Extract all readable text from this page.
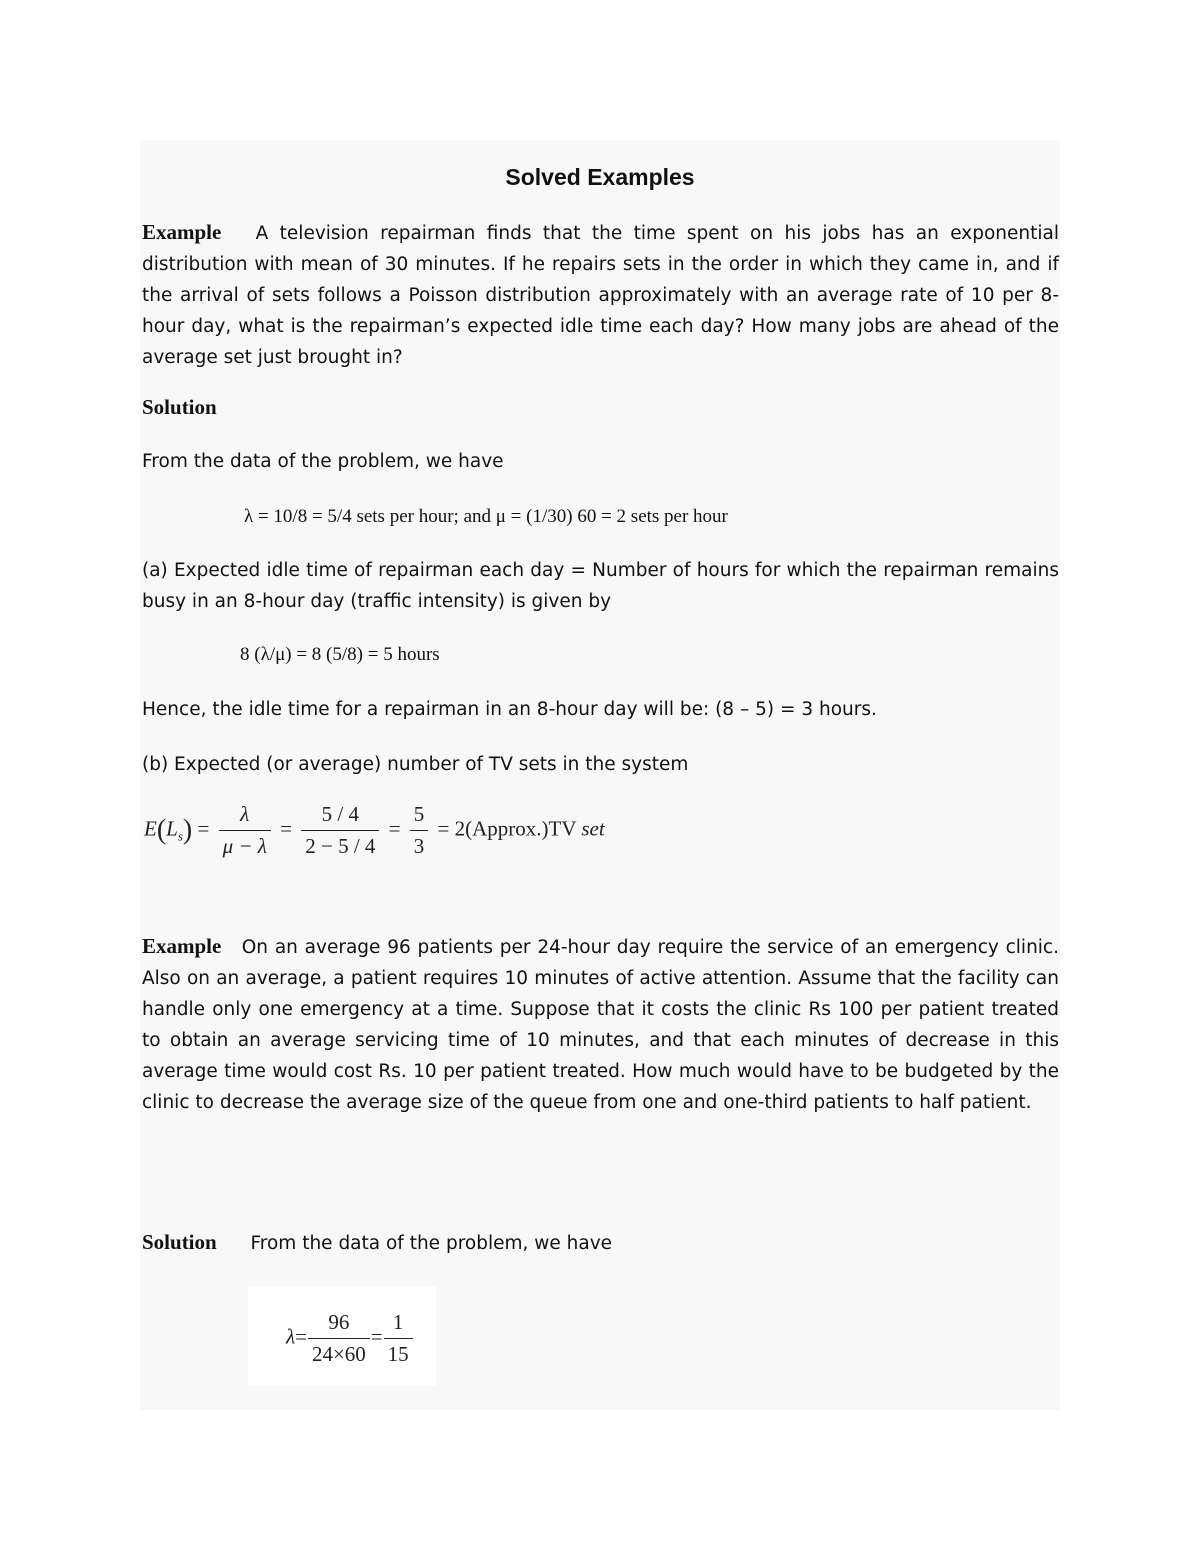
Solved Examples
Example A television repairman finds that the time spent on his jobs has an exponential distribution with mean of 30 minutes. If he repairs sets in the order in which they came in, and if the arrival of sets follows a Poisson distribution approximately with an average rate of 10 per 8-hour day, what is the repairman’s expected idle time each day? How many jobs are ahead of the average set just brought in?
Solution
From the data of the problem, we have
λ = 10/8 = 5/4 sets per hour; and μ = (1/30) 60 = 2 sets per hour
(a) Expected idle time of repairman each day = Number of hours for which the repairman remains busy in an 8-hour day (traffic intensity) is given by
8 (λ/μ) = 8 (5/8) = 5 hours
Hence, the idle time for a repairman in an 8-hour day will be: (8 – 5) = 3 hours.
(b) Expected (or average) number of TV sets in the system
$E(L_s) = \frac{\lambda}{\mu - \lambda} = \frac{5 / 4}{2 - 5 / 4} = \frac{5}{3}$ = 2(Approx.)TV set
Example On an average 96 patients per 24-hour day require the service of an emergency clinic. Also on an average, a patient requires 10 minutes of active attention. Assume that the facility can handle only one emergency at a time. Suppose that it costs the clinic Rs 100 per patient treated to obtain an average servicing time of 10 minutes, and that each minutes of decrease in this average time would cost Rs. 10 per patient treated. How much would have to be budgeted by the clinic to decrease the average size of the queue from one and one-third patients to half patient.
Solution From the data of the problem, we have
$\lambda= \frac{96}{24\times 60} = \frac{1}{15}$
